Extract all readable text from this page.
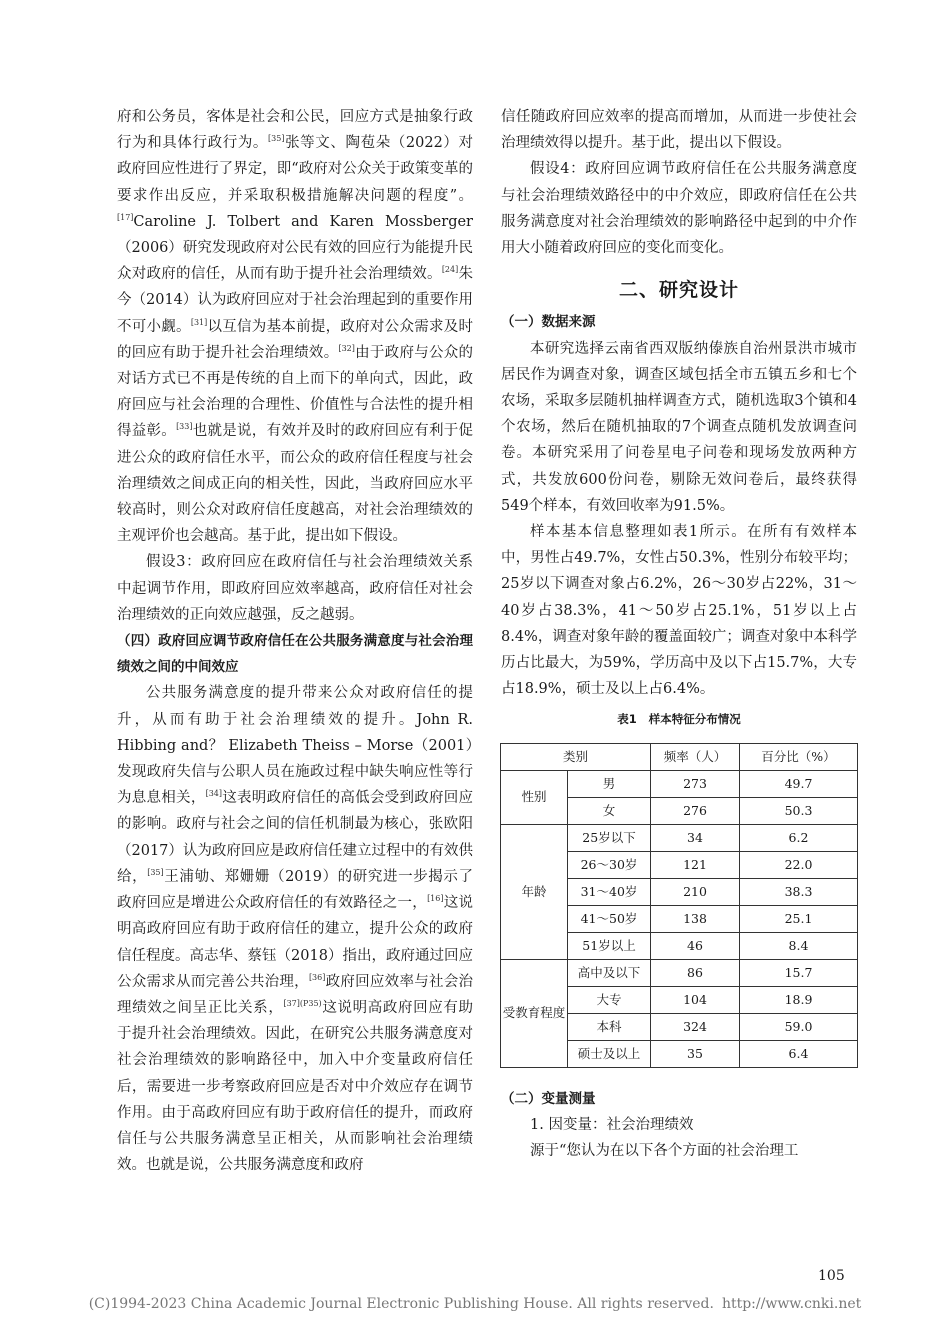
府和公务员，客体是社会和公民，回应方式是抽象行政行为和具体行政行为。[35]张等文、陶苞朵（2022）对政府回应性进行了界定，即“政府对公众关于政策变革的要求作出反应，并采取积极措施解决问题的程度”。[17]Caroline J. Tolbert and Karen Mossberger（2006）研究发现政府对公民有效的回应行为能提升民众对政府的信任，从而有助于提升社会治理绩效。[24]朱今（2014）认为政府回应对于社会治理起到的重要作用不可小觑。[31]以互信为基本前提，政府对公众需求及时的回应有助于提升社会治理绩效。[32]由于政府与公众的对话方式已不再是传统的自上而下的单向式，因此，政府回应与社会治理的合理性、价值性与合法性的提升相得益彰。[33]也就是说，有效并及时的政府回应有利于促进公众的政府信任水平，而公众的政府信任程度与社会治理绩效之间成正向的相关性，因此，当政府回应水平较高时，则公众对政府信任度越高，对社会治理绩效的主观评价也会越高。基于此，提出如下假设。

假设3：政府回应在政府信任与社会治理绩效关系中起调节作用，即政府回应效率越高，政府信任对社会治理绩效的正向效应越强，反之越弱。

（四）政府回应调节政府信任在公共服务满意度与社会治理绩效之间的中间效应

公共服务满意度的提升带来公众对政府信任的提升，从而有助于社会治理绩效的提升。John R. Hibbing and？ Elizabeth Theiss – Morse（2001）发现政府失信与公职人员在施政过程中缺失响应性等行为息息相关，[34]这表明政府信任的高低会受到政府回应的影响。政府与社会之间的信任机制最为核心，张欧阳（2017）认为政府回应是政府信任建立过程中的有效供给，[35]王浦劬、郑姗姗（2019）的研究进一步揭示了政府回应是增进公众政府信任的有效路径之一，[16]这说明高政府回应有助于政府信任的建立，提升公众的政府信任程度。高志华、蔡钰（2018）指出，政府通过回应公众需求从而完善公共治理，[36]政府回应效率与社会治理绩效之间呈正比关系，$^{[37](P35)}$这说明高政府回应有助于提升社会治理绩效。因此，在研究公共服务满意度对社会治理绩效的影响路径中，加入中介变量政府信任后，需要进一步考察政府回应是否对中介效应存在调节作用。由于高政府回应有助于政府信任的提升，而政府信任与公共服务满意呈正相关，从而影响社会治理绩效。也就是说，公共服务满意度和政府

信任随政府回应效率的提高而增加，从而进一步使社会治理绩效得以提升。基于此，提出以下假设。

假设4：政府回应调节政府信任在公共服务满意度与社会治理绩效路径中的中介效应，即政府信任在公共服务满意度对社会治理绩效的影响路径中起到的中介作用大小随着政府回应的变化而变化。

二、研究设计

（一）数据来源

本研究选择云南省西双版纳傣族自治州景洪市城市居民作为调查对象，调查区域包括全市五镇五乡和七个农场，采取多层随机抽样调查方式，随机选取3个镇和4个农场，然后在随机抽取的7个调查点随机发放调查问卷。本研究采用了问卷星电子问卷和现场发放两种方式，共发放600份问卷，剔除无效问卷后，最终获得549个样本，有效回收率为91.5%。

样本基本信息整理如表1所示。在所有有效样本中，男性占49.7%，女性占50.3%，性别分布较平均；25岁以下调查对象占6.2%，26～30岁占22%，31～40岁占38.3%，41～50岁占25.1%，51岁以上占8.4%，调查对象年龄的覆盖面较广；调查对象中本科学历占比最大，为59%，学历高中及以下占15.7%，大专占18.9%，硕士及以上占6.4%。

表1 样本特征分布情况
类别		频率（人）	百分比（%）
性别	男	273	49.7
	女	276	50.3
年龄	25岁以下	34	6.2
	26～30岁	121	22.0
	31～40岁	210	38.3
	41～50岁	138	25.1
	51岁以上	46	8.4
受教育程度	高中及以下	86	15.7
	大专	104	18.9
	本科	324	59.0
	硕士及以上	35	6.4

（二）变量测量

1. 因变量：社会治理绩效

源于“您认为在以下各个方面的社会治理工

105
(C)1994-2023 China Academic Journal Electronic Publishing House. All rights reserved. http://www.cnki.net
